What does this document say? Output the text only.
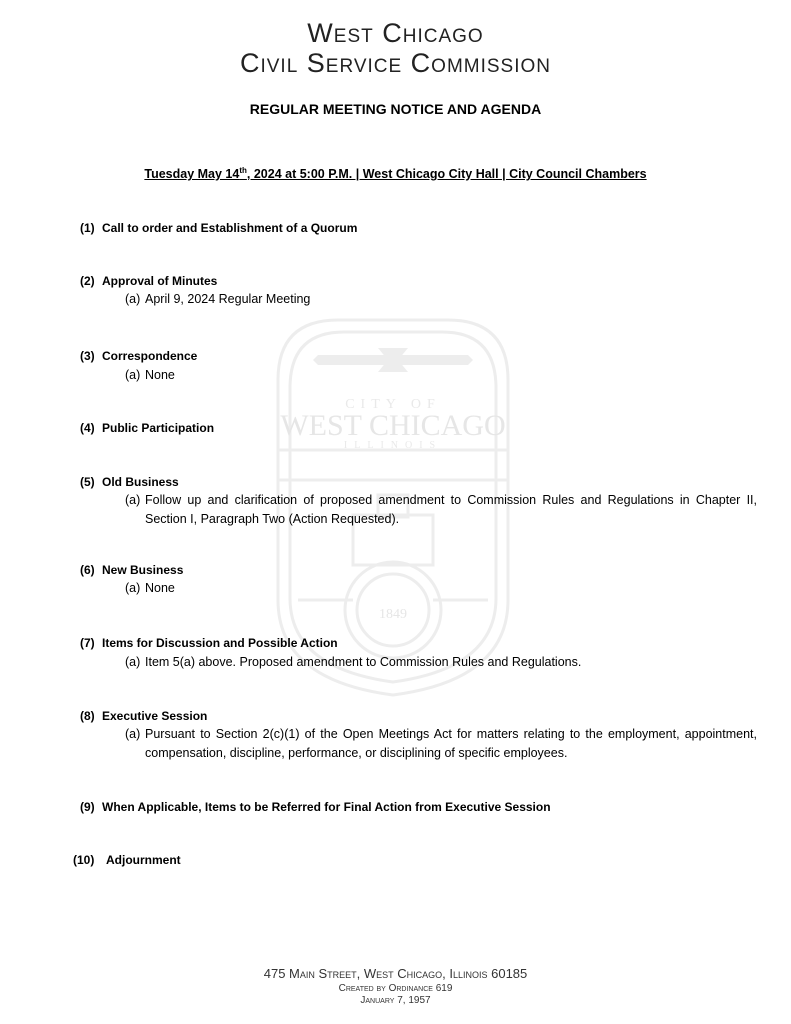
CITY OF
WEST CHICAGO
ILLINOIS
1849
West Chicago
Civil Service Commission
REGULAR MEETING NOTICE AND AGENDA
Tuesday May 14th, 2024 at 5:00 P.M. | West Chicago City Hall | City Council Chambers
(1) Call to order and Establishment of a Quorum
(2) Approval of Minutes
(a) April 9, 2024 Regular Meeting
(3) Correspondence
(a) None
(4) Public Participation
(5) Old Business
(a) Follow up and clarification of proposed amendment to Commission Rules and Regulations in Chapter II, Section I, Paragraph Two (Action Requested).
(6) New Business
(a) None
(7) Items for Discussion and Possible Action
(a) Item 5(a) above. Proposed amendment to Commission Rules and Regulations.
(8) Executive Session
(a) Pursuant to Section 2(c)(1) of the Open Meetings Act for matters relating to the employment, appointment, compensation, discipline, performance, or disciplining of specific employees.
(9) When Applicable, Items to be Referred for Final Action from Executive Session
(10) Adjournment
475 Main Street, West Chicago, Illinois 60185
Created by Ordinance 619
January 7, 1957
